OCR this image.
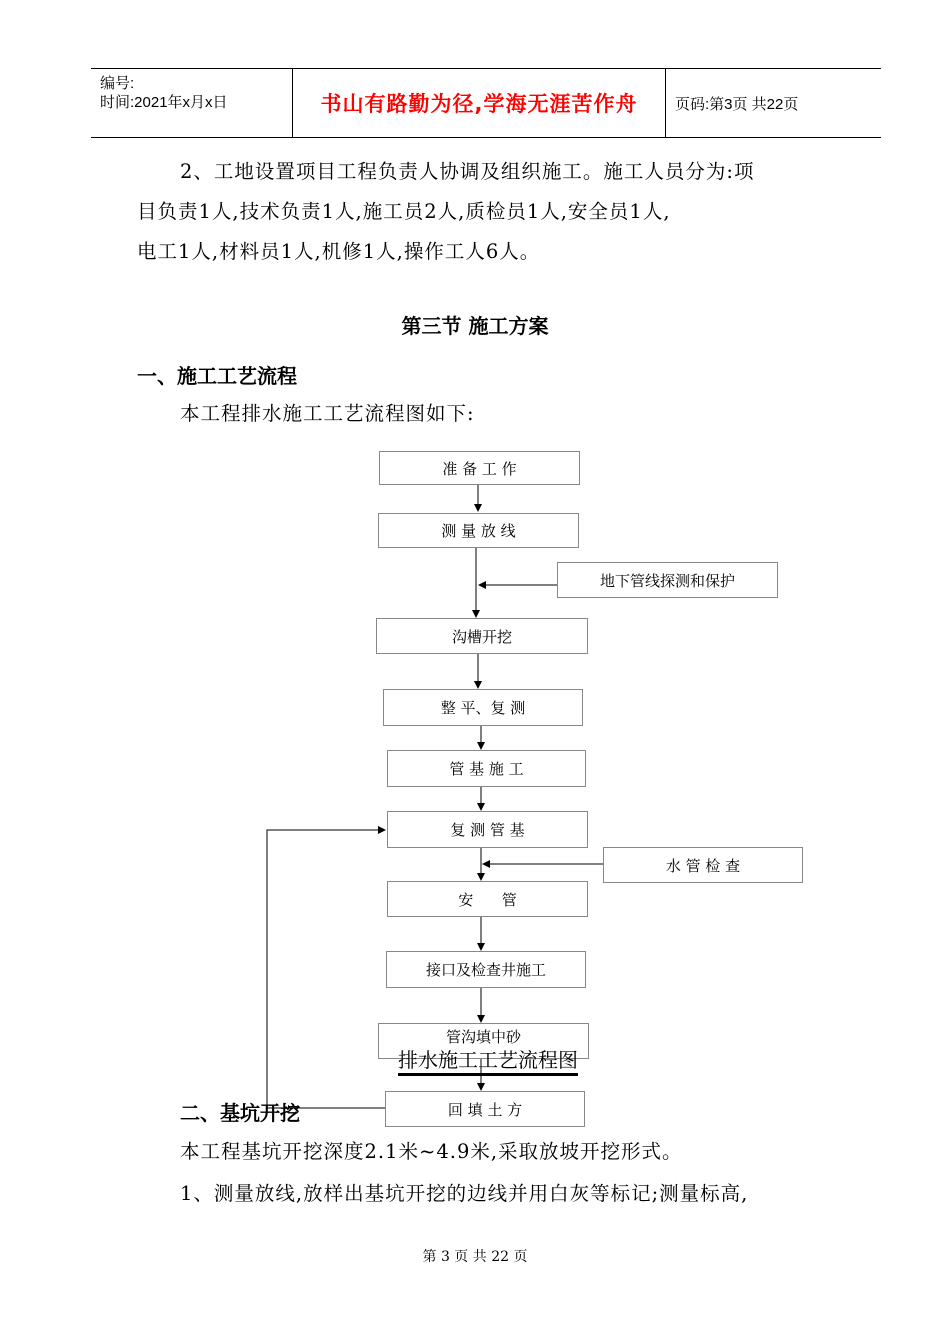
编号:
时间:2021年x月x日	书山有路勤为径,学海无涯苦作舟	页码:第3页 共22页
2、工地设置项目工程负责人协调及组织施工。施工人员分为:项
目负责1人,技术负责1人,施工员2人,质检员1人,安全员1人,
电工1人,材料员1人,机修1人,操作工人6人。
第三节 施工方案
一、施工工艺流程
本工程排水施工工艺流程图如下:
准 备 工 作
测 量 放 线
地下管线探测和保护
沟槽开挖
整 平、复 测
管 基 施 工
复 测 管 基
水 管 检 查
安      管
接口及检查井施工
管沟填中砂
排水施工工艺流程图
回 填 土 方
二、基坑开挖
本工程基坑开挖深度2.1米~4.9米,采取放坡开挖形式。
1、测量放线,放样出基坑开挖的边线并用白灰等标记;测量标高,
第 3 页 共 22 页
